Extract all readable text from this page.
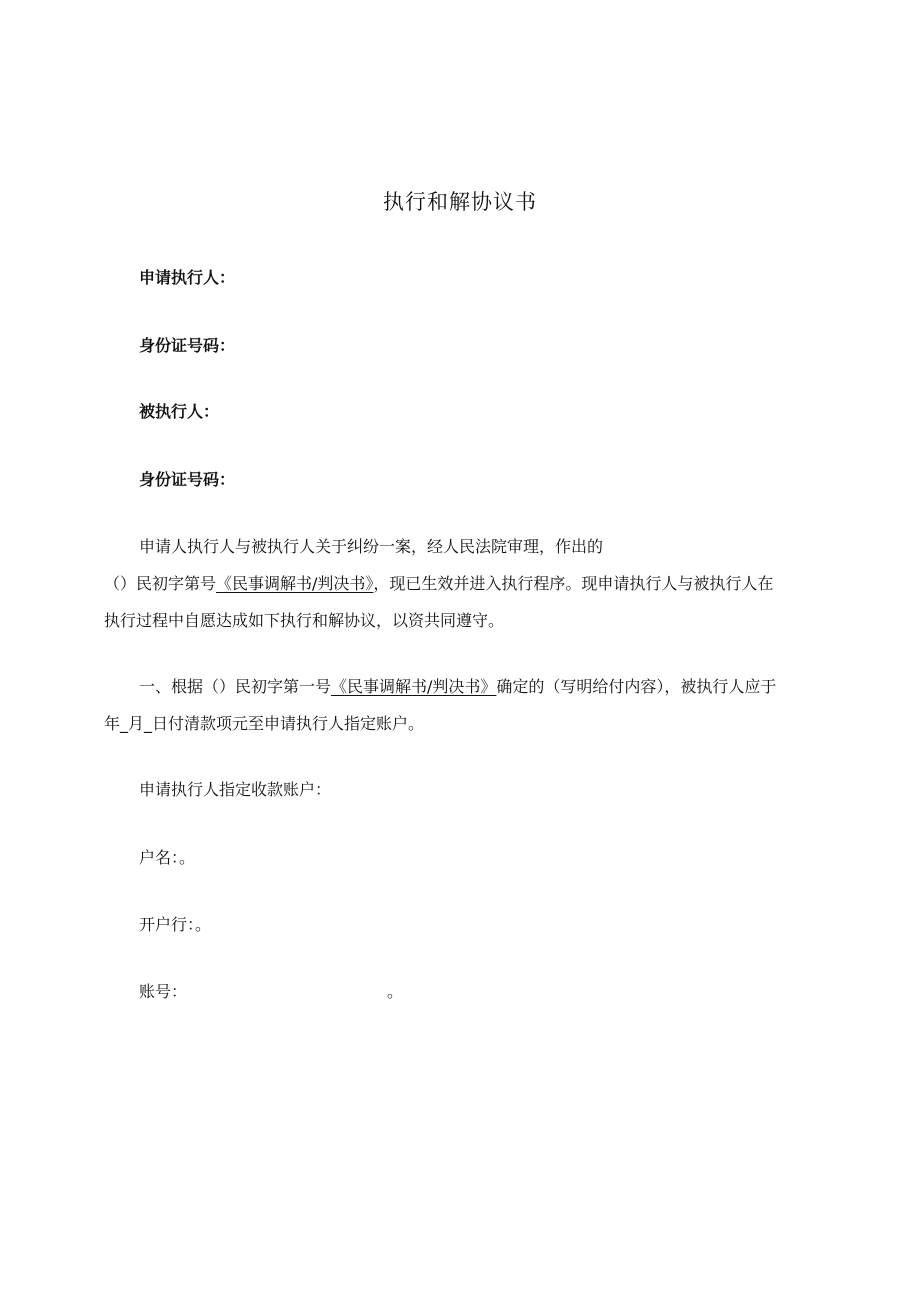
执行和解协议书
申请执行人：
身份证号码：
被执行人：
身份证号码：
申请人执行人与被执行人关于纠纷一案，经人民法院审理，作出的
（）民初字第号《民事调解书/判决书》，现已生效并进入执行程序。现申请执行人与被执行人在
执行过程中自愿达成如下执行和解协议，以资共同遵守。
一、根据（）民初字第一号《民事调解书/判决书》确定的（写明给付内容），被执行人应于
年_月_日付清款项元至申请执行人指定账户。
申请执行人指定收款账户：
户名：。
开户行：。
账号：	。
